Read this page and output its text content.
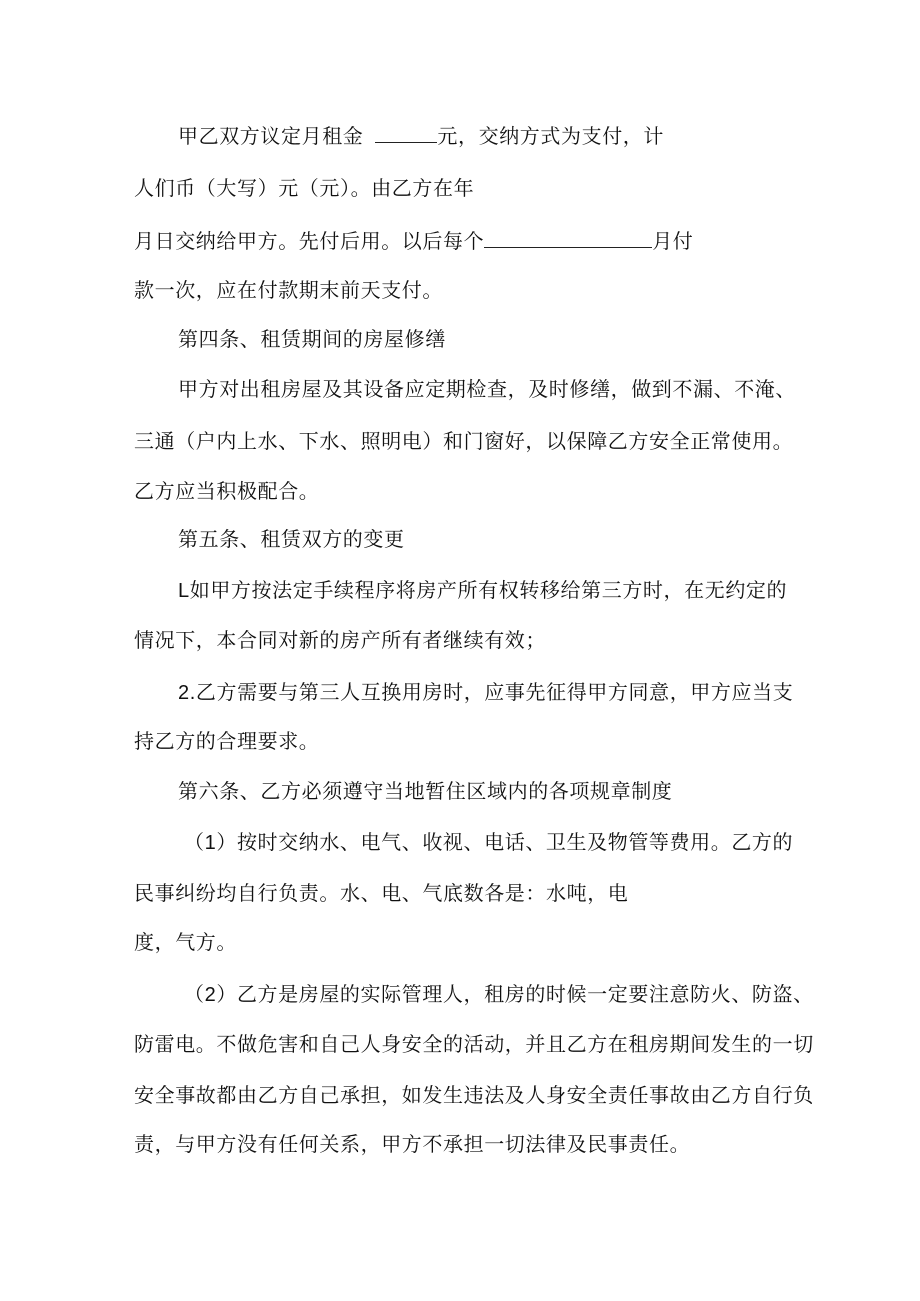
甲乙双方议定月租金	元，交纳方式为支付，计
人们币（大写）元（元）。由乙方在年
月日交纳给甲方。先付后用。以后每个	月付
款一次，应在付款期末前天支付。
第四条、租赁期间的房屋修缮
甲方对出租房屋及其设备应定期检查，及时修缮，做到不漏、不淹、
三通（户内上水、下水、照明电）和门窗好，以保障乙方安全正常使用。
乙方应当积极配合。
第五条、租赁双方的变更
L如甲方按法定手续程序将房产所有权转移给第三方时，在无约定的
情况下，本合同对新的房产所有者继续有效；
2.乙方需要与第三人互换用房时，应事先征得甲方同意，甲方应当支
持乙方的合理要求。
第六条、乙方必须遵守当地暂住区域内的各项规章制度
（1）按时交纳水、电气、收视、电话、卫生及物管等费用。乙方的
民事纠纷均自行负责。水、电、气底数各是：水吨，电
度，气方。
（2）乙方是房屋的实际管理人，租房的时候一定要注意防火、防盗、
防雷电。不做危害和自己人身安全的活动，并且乙方在租房期间发生的一切
安全事故都由乙方自己承担，如发生违法及人身安全责任事故由乙方自行负
责，与甲方没有任何关系，甲方不承担一切法律及民事责任。
